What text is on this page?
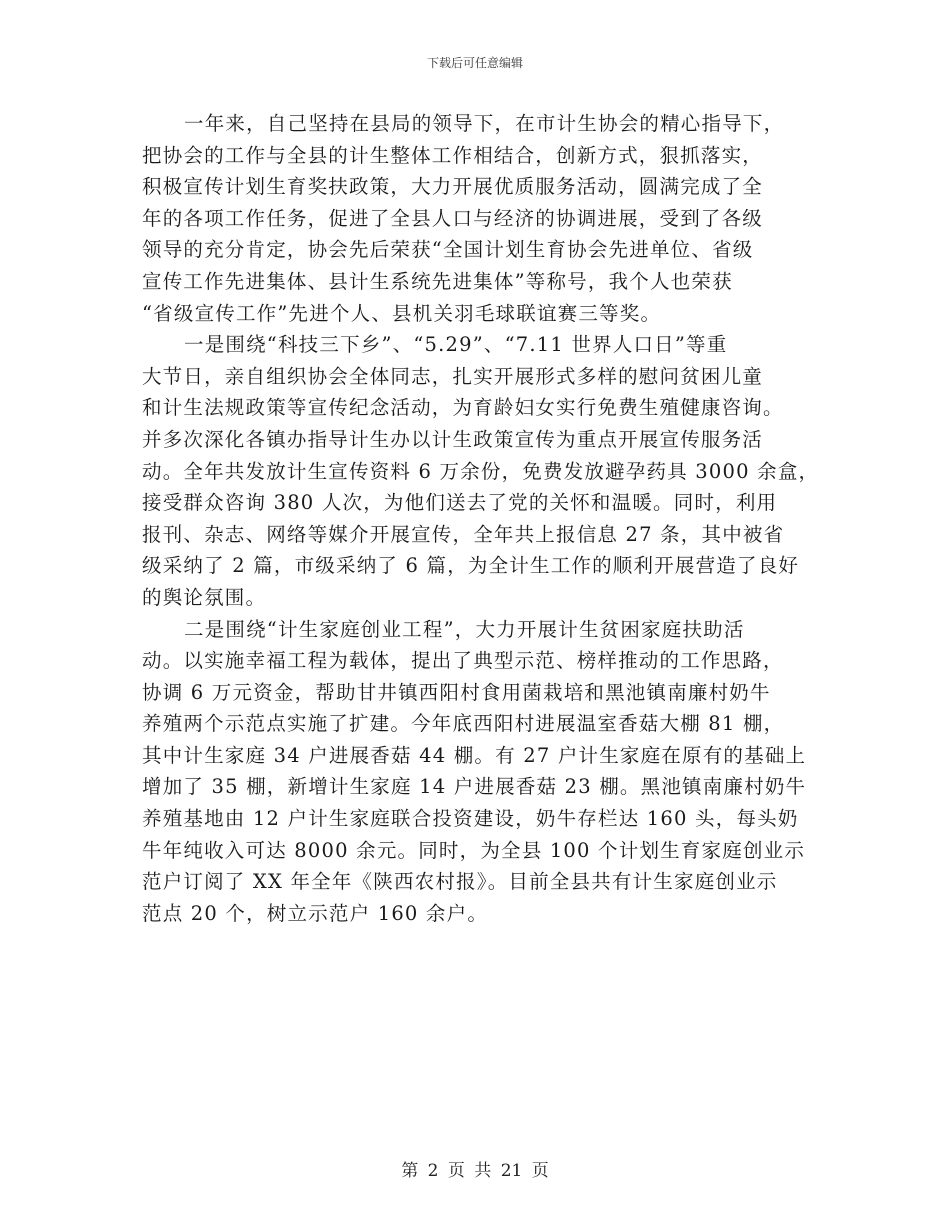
下载后可任意编辑
一年来，自己坚持在县局的领导下，在市计生协会的精心指导下，
把协会的工作与全县的计生整体工作相结合，创新方式，狠抓落实，
积极宣传计划生育奖扶政策，大力开展优质服务活动，圆满完成了全
年的各项工作任务，促进了全县人口与经济的协调进展，受到了各级
领导的充分肯定，协会先后荣获“全国计划生育协会先进单位、省级
宣传工作先进集体、县计生系统先进集体”等称号，我个人也荣获
“省级宣传工作”先进个人、县机关羽毛球联谊赛三等奖。
一是围绕“科技三下乡”、“5.29”、“7.11 世界人口日”等重
大节日，亲自组织协会全体同志，扎实开展形式多样的慰问贫困儿童
和计生法规政策等宣传纪念活动，为育龄妇女实行免费生殖健康咨询。
并多次深化各镇办指导计生办以计生政策宣传为重点开展宣传服务活
动。全年共发放计生宣传资料 6 万余份，免费发放避孕药具 3000 余盒，
接受群众咨询 380 人次，为他们送去了党的关怀和温暖。同时，利用
报刊、杂志、网络等媒介开展宣传，全年共上报信息 27 条，其中被省
级采纳了 2 篇，市级采纳了 6 篇，为全计生工作的顺利开展营造了良好
的舆论氛围。
二是围绕“计生家庭创业工程”，大力开展计生贫困家庭扶助活
动。以实施幸福工程为载体，提出了典型示范、榜样推动的工作思路，
协调 6 万元资金，帮助甘井镇西阳村食用菌栽培和黑池镇南廉村奶牛
养殖两个示范点实施了扩建。今年底西阳村进展温室香菇大棚 81 棚，
其中计生家庭 34 户进展香菇 44 棚。有 27 户计生家庭在原有的基础上
增加了 35 棚，新增计生家庭 14 户进展香菇 23 棚。黑池镇南廉村奶牛
养殖基地由 12 户计生家庭联合投资建设，奶牛存栏达 160 头，每头奶
牛年纯收入可达 8000 余元。同时，为全县 100 个计划生育家庭创业示
范户订阅了 XX 年全年《陕西农村报》。目前全县共有计生家庭创业示
范点 20 个，树立示范户 160 余户。
第 2 页 共 21 页
